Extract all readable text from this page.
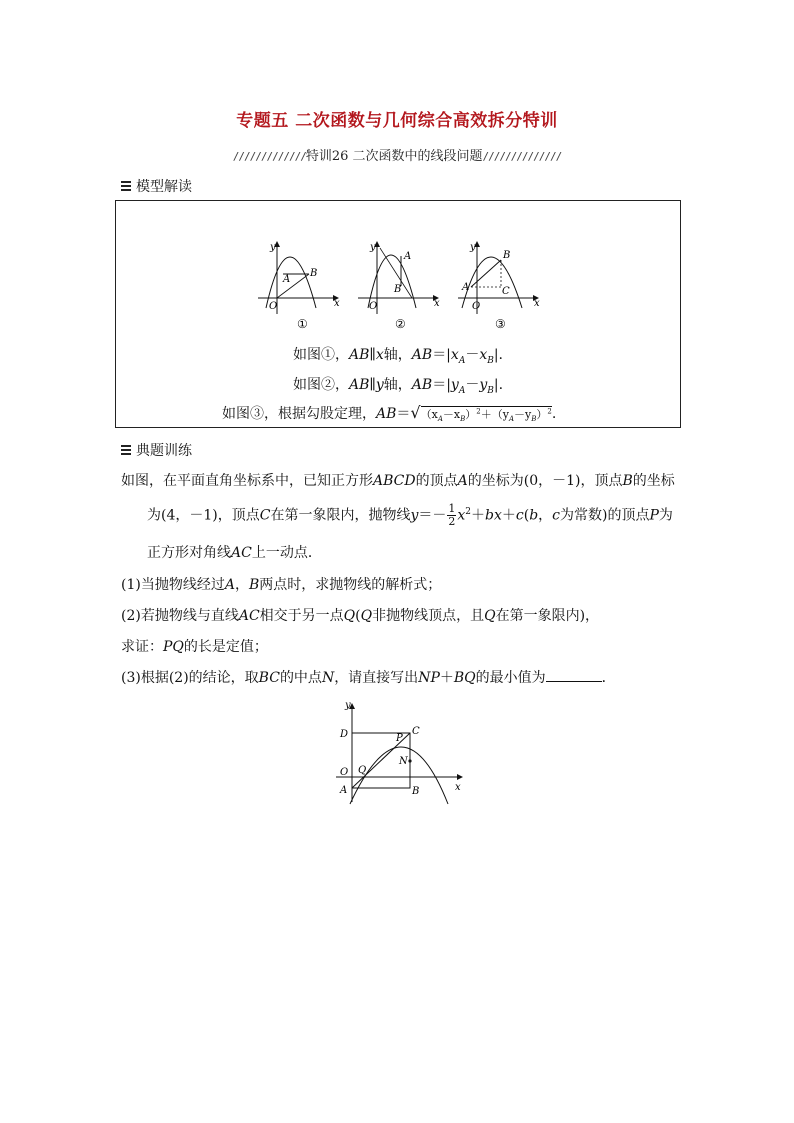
专题五 二次函数与几何综合高效拆分特训
/////////////特训26 二次函数中的线段问题//////////////
模型解读
y
x
O
A
B
①
y
x
O
A
B
②
y
x
O
A
B
C
③
如图①，AB∥x轴，$AB=|x_A-x_B|$.
如图②，AB∥y轴，$AB=|y_A-y_B|$.
如图③，根据勾股定理，$AB=√(x_A-x_B)^2+(y_A-y_B)^2$.
典题训练
如图，在平面直角坐标系中，已知正方形ABCD的顶点A的坐标为(0，－1)，顶点B的坐标
为(4，－1)，顶点C在第一象限内，抛物线$y=- \frac{1}{2} x^2+bx+c(b$，c为常数)的顶点P为
正方形对角线AC上一动点．
(1)当抛物线经过A，B两点时，求抛物线的解析式；
(2)若抛物线与直线AC相交于另一点Q(Q非抛物线顶点，且Q在第一象限内)，
求证：PQ的长是定值；
(3)根据(2)的结论，取BC的中点N，请直接写出NP＋BQ的最小值为	．
y
x
O
A	B
C
D	P
Q
N
